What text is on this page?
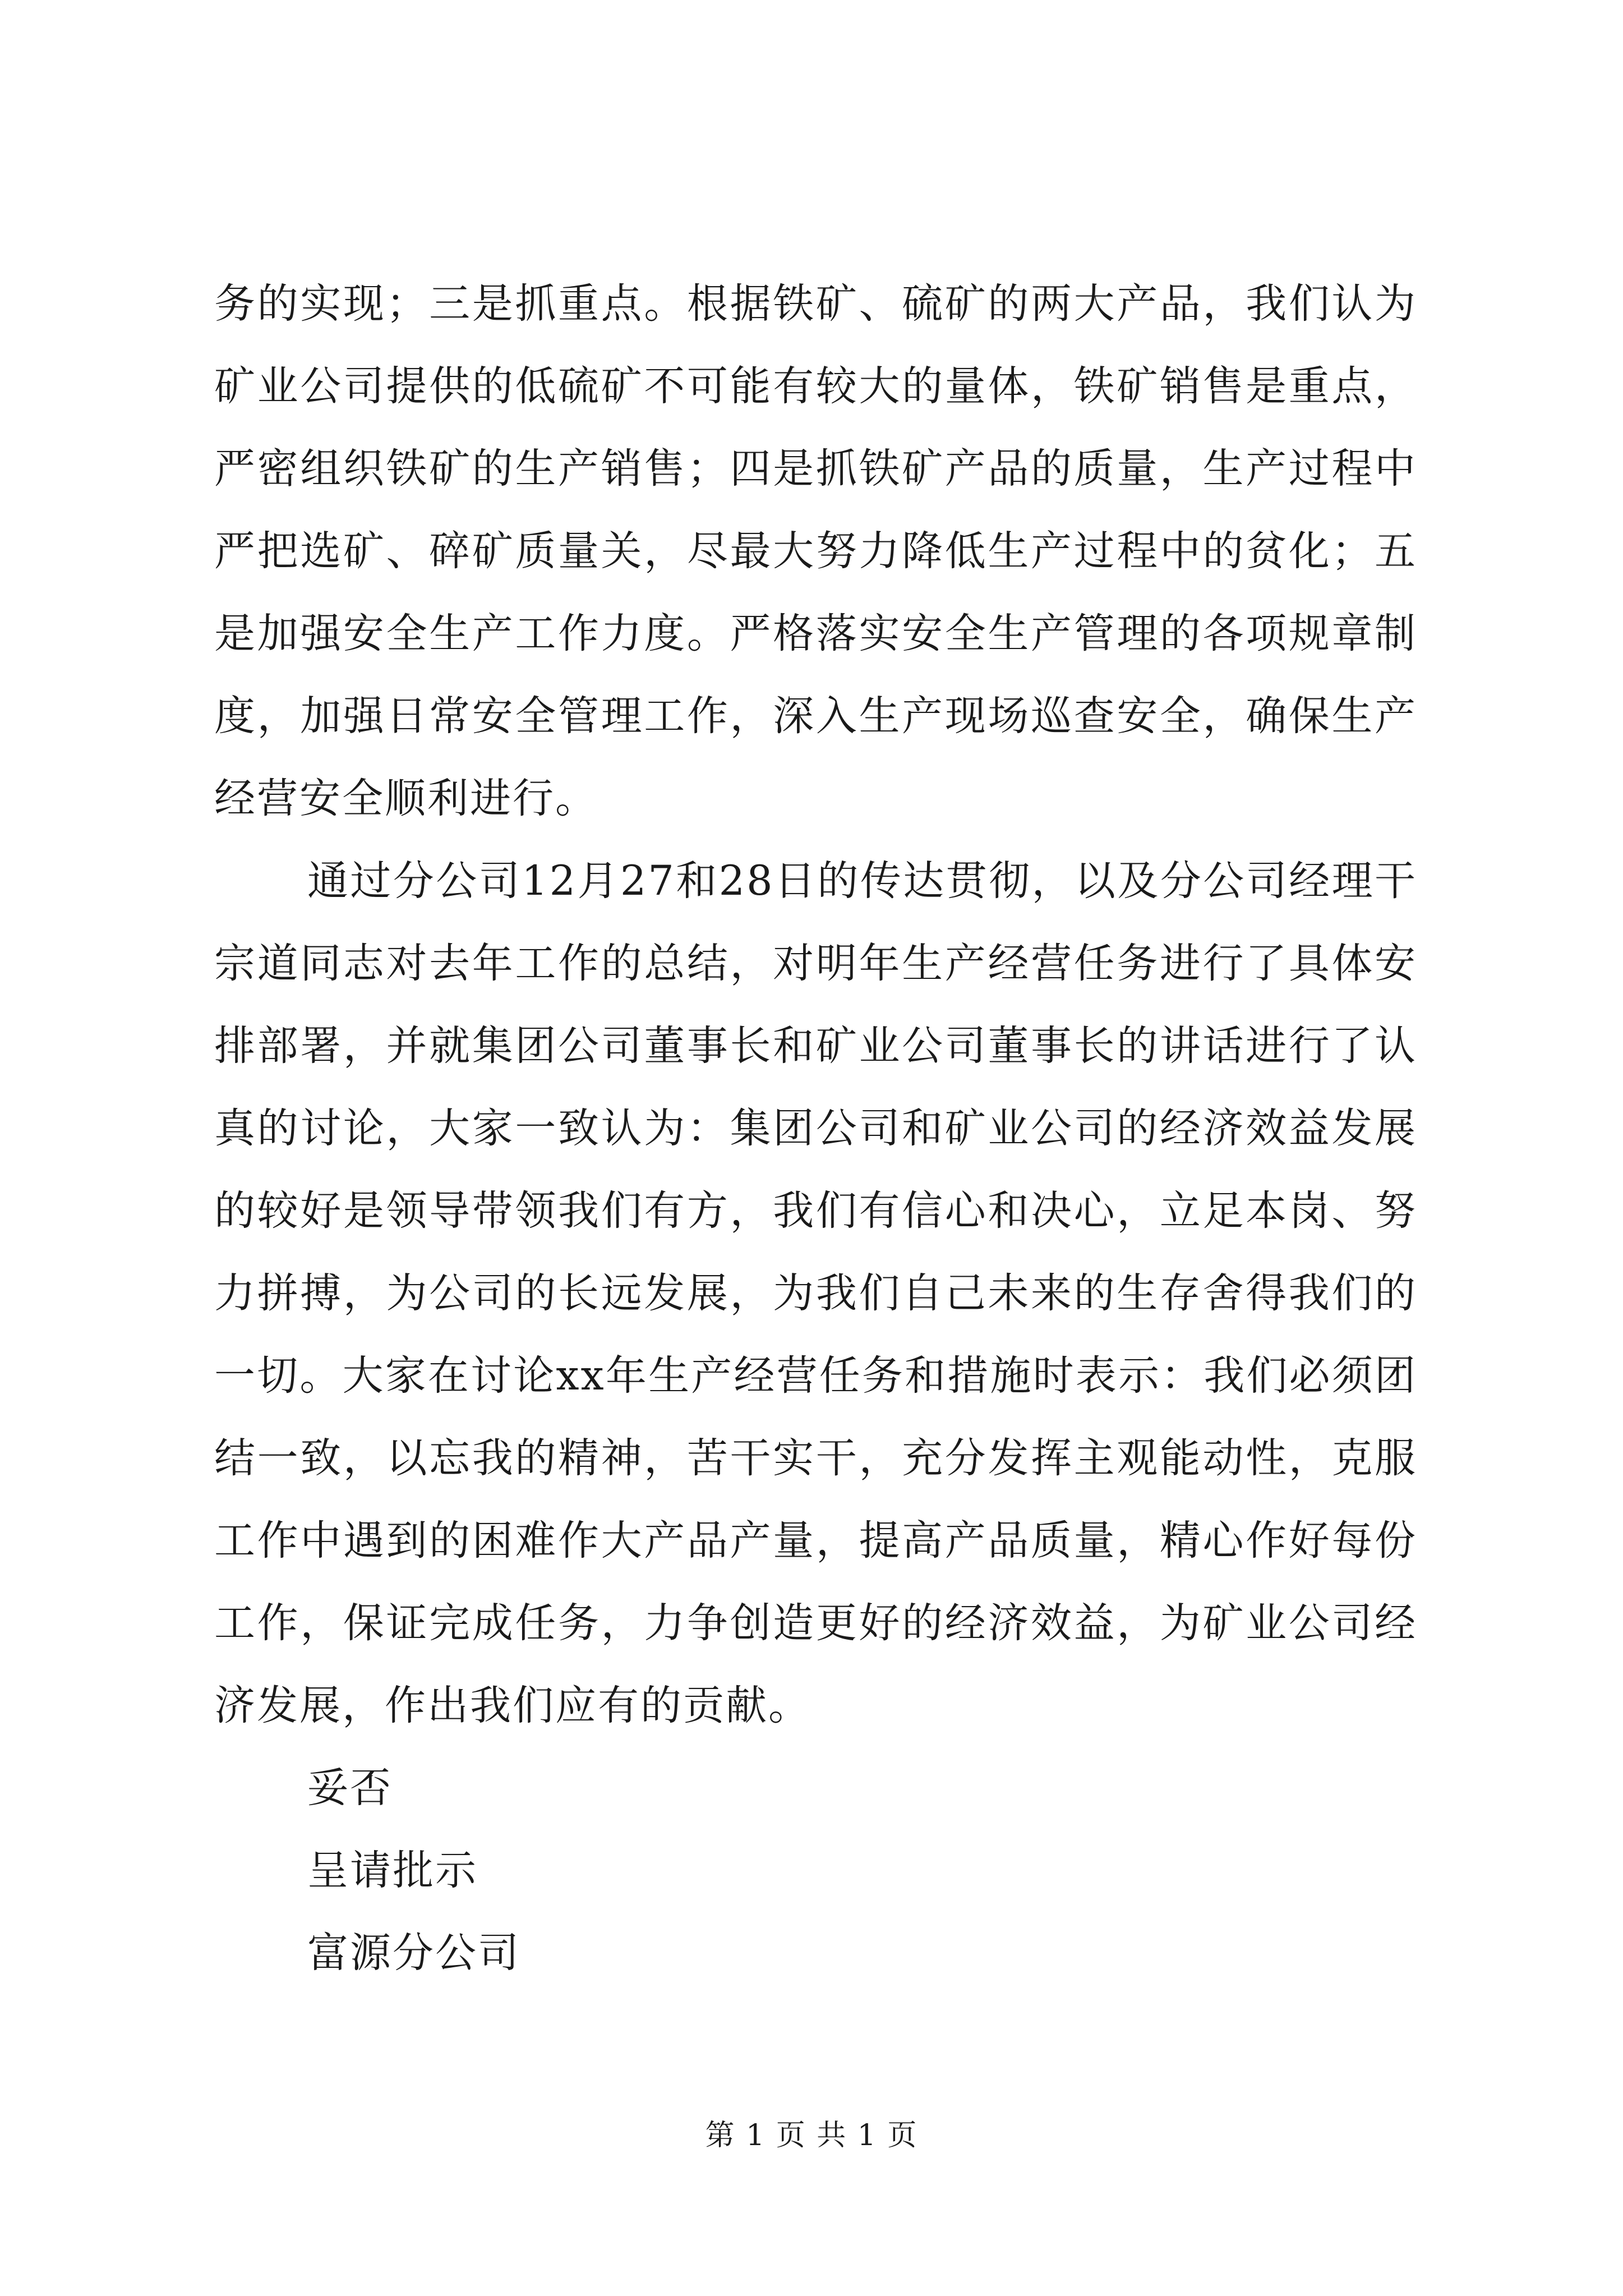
务的实现；三是抓重点。根据铁矿、硫矿的两大产品，我们认为矿业公司提供的低硫矿不可能有较大的量体，铁矿销售是重点，严密组织铁矿的生产销售；四是抓铁矿产品的质量，生产过程中严把选矿、碎矿质量关，尽最大努力降低生产过程中的贫化；五是加强安全生产工作力度。严格落实安全生产管理的各项规章制度，加强日常安全管理工作，深入生产现场巡查安全，确保生产经营安全顺利进行。

通过分公司12月27和28日的传达贯彻，以及分公司经理干宗道同志对去年工作的总结，对明年生产经营任务进行了具体安排部署，并就集团公司董事长和矿业公司董事长的讲话进行了认真的讨论，大家一致认为：集团公司和矿业公司的经济效益发展的较好是领导带领我们有方，我们有信心和决心，立足本岗、努力拼搏，为公司的长远发展，为我们自己未来的生存舍得我们的一切。大家在讨论xx年生产经营任务和措施时表示：我们必须团结一致，以忘我的精神，苦干实干，充分发挥主观能动性，克服工作中遇到的困难作大产品产量，提高产品质量，精心作好每份工作，保证完成任务，力争创造更好的经济效益，为矿业公司经济发展，作出我们应有的贡献。

妥否

呈请批示

富源分公司

第 1 页 共 1 页
